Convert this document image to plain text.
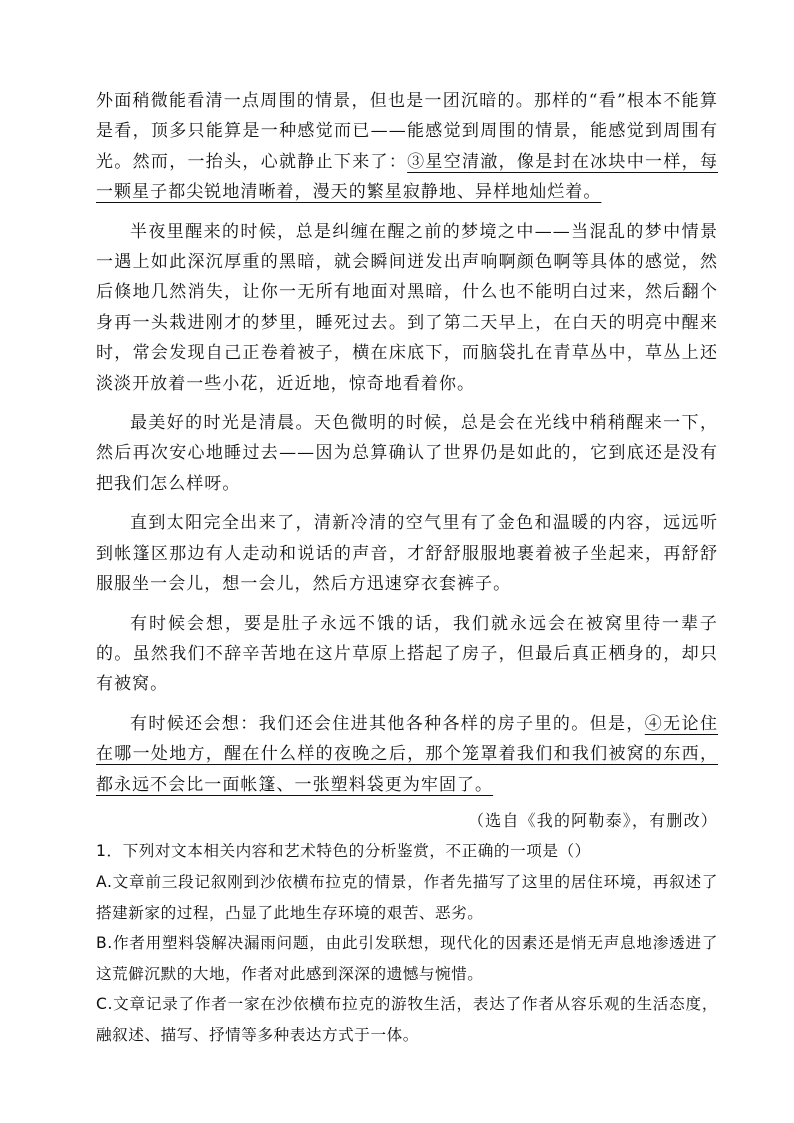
外面稍微能看清一点周围的情景，但也是一团沉暗的。那样的“看”根本不能算是看，顶多只能算是一种感觉而已——能感觉到周围的情景，能感觉到周围有光。然而，一抬头，心就静止下来了：③星空清澈，像是封在冰块中一样，每一颗星子都尖锐地清晰着，漫天的繁星寂静地、异样地灿烂着。

半夜里醒来的时候，总是纠缠在醒之前的梦境之中——当混乱的梦中情景一遇上如此深沉厚重的黑暗，就会瞬间迸发出声响啊颜色啊等具体的感觉，然后倏地几然消失，让你一无所有地面对黑暗，什么也不能明白过来，然后翻个身再一头栽进刚才的梦里，睡死过去。到了第二天早上，在白天的明亮中醒来时，常会发现自己正卷着被子，横在床底下，而脑袋扎在青草丛中，草丛上还淡淡开放着一些小花，近近地，惊奇地看着你。

最美好的时光是清晨。天色微明的时候，总是会在光线中稍稍醒来一下，然后再次安心地睡过去——因为总算确认了世界仍是如此的，它到底还是没有把我们怎么样呀。

直到太阳完全出来了，清新冷清的空气里有了金色和温暖的内容，远远听到帐篷区那边有人走动和说话的声音，才舒舒服服地裹着被子坐起来，再舒舒服服坐一会儿，想一会儿，然后方迅速穿衣套裤子。

有时候会想，要是肚子永远不饿的话，我们就永远会在被窝里待一辈子的。虽然我们不辞辛苦地在这片草原上搭起了房子，但最后真正栖身的，却只有被窝。

有时候还会想：我们还会住进其他各种各样的房子里的。但是，④无论住在哪一处地方，醒在什么样的夜晚之后，那个笼罩着我们和我们被窝的东西，都永远不会比一面帐篷、一张塑料袋更为牢固了。

（选自《我的阿勒泰》，有删改）

1．下列对文本相关内容和艺术特色的分析鉴赏，不正确的一项是（）

A.文章前三段记叙刚到沙依横布拉克的情景，作者先描写了这里的居住环境，再叙述了搭建新家的过程，凸显了此地生存环境的艰苦、恶劣。

B.作者用塑料袋解决漏雨问题，由此引发联想，现代化的因素还是悄无声息地渗透进了这荒僻沉默的大地，作者对此感到深深的遗憾与惋惜。

C.文章记录了作者一家在沙依横布拉克的游牧生活，表达了作者从容乐观的生活态度，融叙述、描写、抒情等多种表达方式于一体。
